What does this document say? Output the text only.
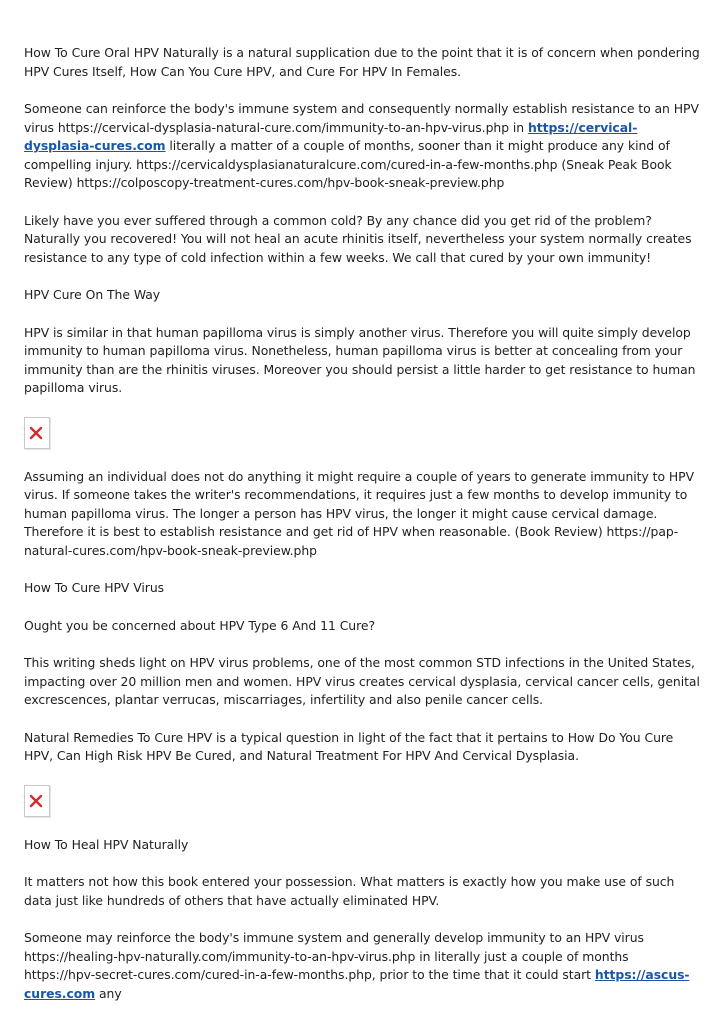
How To Cure Oral HPV Naturally is a natural supplication due to the point that it is of concern when pondering HPV Cures Itself, How Can You Cure HPV, and Cure For HPV In Females.

Someone can reinforce the body's immune system and consequently normally establish resistance to an HPV virus https://cervical-dysplasia-natural-cure.com/immunity-to-an-hpv-virus.php in https://cervical-dysplasia-cures.com literally a matter of a couple of months, sooner than it might produce any kind of compelling injury. https://cervicaldysplasianaturalcure.com/cured-in-a-few-months.php (Sneak Peak Book Review) https://colposcopy-treatment-cures.com/hpv-book-sneak-preview.php

Likely have you ever suffered through a common cold? By any chance did you get rid of the problem? Naturally you recovered! You will not heal an acute rhinitis itself, nevertheless your system normally creates resistance to any type of cold infection within a few weeks. We call that cured by your own immunity!

HPV Cure On The Way

HPV is similar in that human papilloma virus is simply another virus. Therefore you will quite simply develop immunity to human papilloma virus. Nonetheless, human papilloma virus is better at concealing from your immunity than are the rhinitis viruses. Moreover you should persist a little harder to get resistance to human papilloma virus.

Assuming an individual does not do anything it might require a couple of years to generate immunity to HPV virus. If someone takes the writer's recommendations, it requires just a few months to develop immunity to human papilloma virus. The longer a person has HPV virus, the longer it might cause cervical damage. Therefore it is best to establish resistance and get rid of HPV when reasonable. (Book Review) https://pap-natural-cures.com/hpv-book-sneak-preview.php

How To Cure HPV Virus

Ought you be concerned about HPV Type 6 And 11 Cure?

This writing sheds light on HPV virus problems, one of the most common STD infections in the United States, impacting over 20 million men and women. HPV virus creates cervical dysplasia, cervical cancer cells, genital excrescences, plantar verrucas, miscarriages, infertility and also penile cancer cells.

Natural Remedies To Cure HPV is a typical question in light of the fact that it pertains to How Do You Cure HPV, Can High Risk HPV Be Cured, and Natural Treatment For HPV And Cervical Dysplasia.

How To Heal HPV Naturally

It matters not how this book entered your possession. What matters is exactly how you make use of such data just like hundreds of others that have actually eliminated HPV.

Someone may reinforce the body's immune system and generally develop immunity to an HPV virus https://healing-hpv-naturally.com/immunity-to-an-hpv-virus.php in literally just a couple of months https://hpv-secret-cures.com/cured-in-a-few-months.php, prior to the time that it could start https://ascus-cures.com any
